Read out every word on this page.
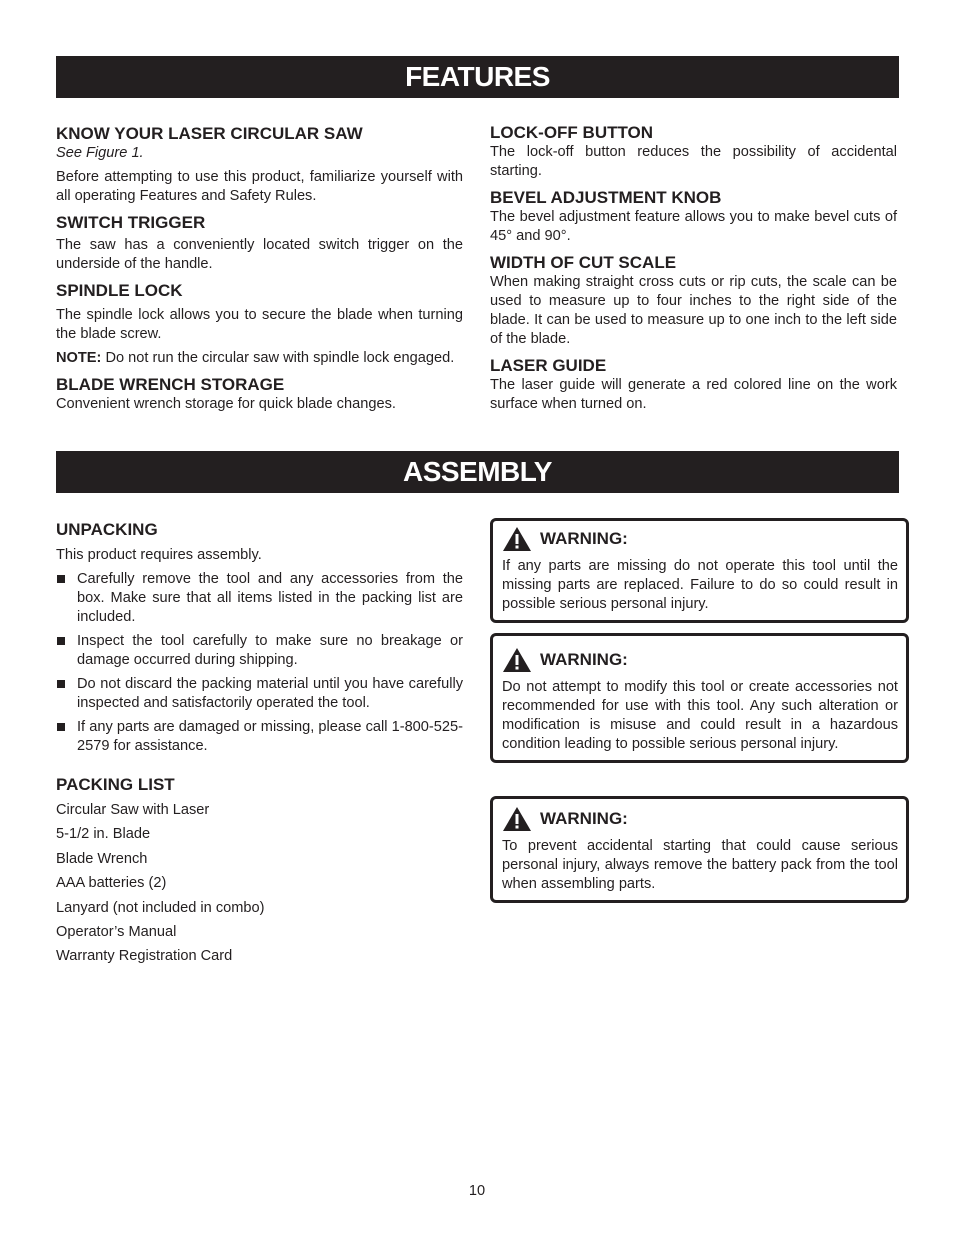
FEATURES
KNOW YOUR LASER CIRCULAR SAW
See Figure 1.
Before attempting to use this product, familiarize yourself with all operating Features and Safety Rules.
SWITCH TRIGGER
The saw has a conveniently located switch trigger on the underside of the handle.
SPINDLE LOCK
The spindle lock allows you to secure the blade when turning the blade screw.
NOTE: Do not run the circular saw with spindle lock engaged.
BLADE WRENCH STORAGE
Convenient wrench storage for quick blade changes.
LOCK-OFF BUTTON
The lock-off button reduces the possibility of accidental starting.
BEVEL ADJUSTMENT KNOB
The bevel adjustment feature allows you to make bevel cuts of 45° and 90°.
WIDTH OF CUT SCALE
When making straight cross cuts or rip cuts, the scale can be used to measure up to four inches to the right side of the blade. It can be used to measure up to one inch to the left side of the blade.
LASER GUIDE
The laser guide will generate a red colored line on the work surface when turned on.
ASSEMBLY
UNPACKING
This product requires assembly.
Carefully remove the tool and any accessories from the box. Make sure that all items listed in the packing list are included.
Inspect the tool carefully to make sure no breakage or damage occurred during shipping.
Do not discard the packing material until you have carefully inspected and satisfactorily operated the tool.
If any parts are damaged or missing, please call 1-800-525-2579 for assistance.
PACKING LIST
Circular Saw with Laser
5-1/2 in. Blade
Blade Wrench
AAA batteries (2)
Lanyard (not included in combo)
Operator’s Manual
Warranty Registration Card
WARNING:
If any parts are missing do not operate this tool until the missing parts are replaced. Failure to do so could result in possible serious personal injury.
WARNING:
Do not attempt to modify this tool or create accessories not recommended for use with this tool. Any such alteration or modification is misuse and could result in a hazardous condition leading to possible serious personal injury.
WARNING:
To prevent accidental starting that could cause serious personal injury, always remove the battery pack from the tool when assembling parts.
10
